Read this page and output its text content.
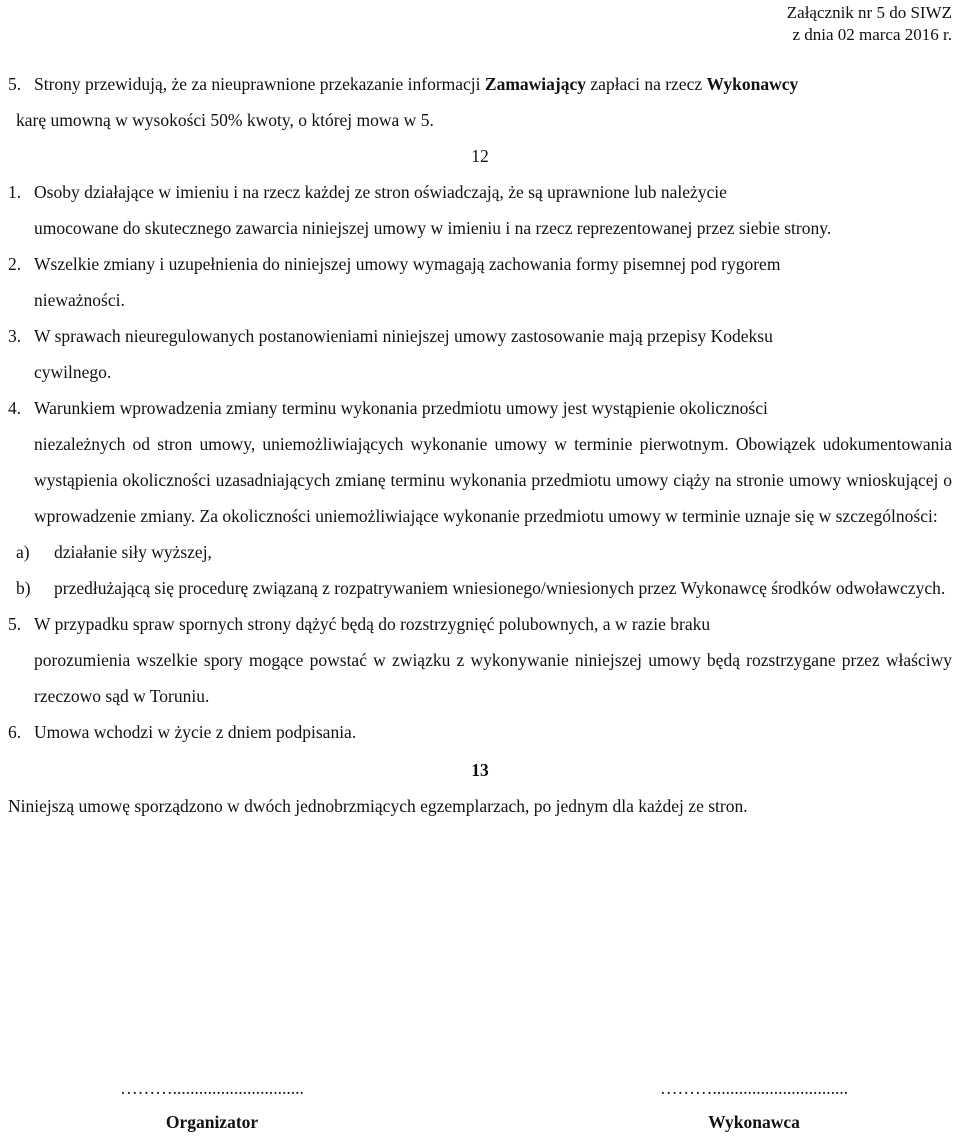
Załącznik nr 5 do SIWZ
z dnia 02 marca 2016 r.

5. Strony przewidują, że za nieuprawnione przekazanie informacji Zamawiający zapłaci na rzecz Wykonawcy

karę umowną w wysokości 50% kwoty, o której mowa w 5.

12

1. Osoby działające w imieniu i na rzecz każdej ze stron oświadczają, że są uprawnione lub należycie

umocowane do skutecznego zawarcia niniejszej umowy w imieniu i na rzecz reprezentowanej przez siebie strony.

2. Wszelkie zmiany i uzupełnienia do niniejszej umowy wymagają zachowania formy pisemnej pod rygorem

nieważności.

3. W sprawach nieuregulowanych postanowieniami niniejszej umowy zastosowanie mają przepisy Kodeksu

cywilnego.

4. Warunkiem wprowadzenia zmiany terminu wykonania przedmiotu umowy jest wystąpienie okoliczności

niezależnych od stron umowy, uniemożliwiających wykonanie umowy w terminie pierwotnym. Obowiązek udokumentowania wystąpienia okoliczności uzasadniających zmianę terminu wykonania przedmiotu umowy ciąży na stronie umowy wnioskującej o wprowadzenie zmiany. Za okoliczności uniemożliwiające wykonanie przedmiotu umowy w terminie uznaje się w szczególności:

a) działanie siły wyższej,

b) przedłużającą się procedurę związaną z rozpatrywaniem wniesionego/wniesionych przez Wykonawcę środków odwoławczych.

5. W przypadku spraw spornych strony dążyć będą do rozstrzygnięć polubownych, a w razie braku

porozumienia wszelkie spory mogące powstać w związku z wykonywanie niniejszej umowy będą rozstrzygane przez właściwy rzeczowo sąd w Toruniu.

6. Umowa wchodzi w życie z dniem podpisania.

13

Niniejszą umowę sporządzono w dwóch jednobrzmiących egzemplarzach, po jednym dla każdej ze stron.

………..............................
Organizator
………...............................
Wykonawca
